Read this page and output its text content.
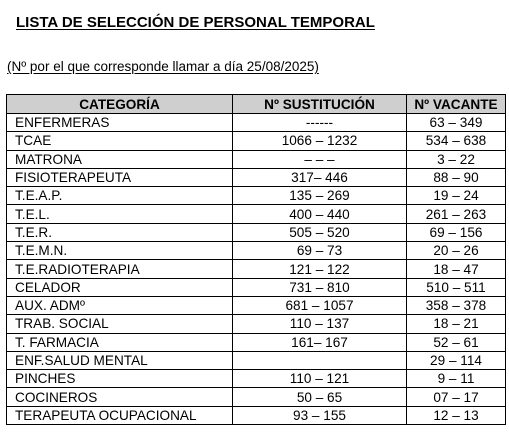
LISTA DE SELECCIÓN DE PERSONAL TEMPORAL

(Nº por el que corresponde llamar a día 25/08/2025)

CATEGORÍA	Nº SUSTITUCIÓN	Nº VACANTE
ENFERMERAS	------	63 – 349
TCAE	1066 – 1232	534 – 638
MATRONA	– – –	3 – 22
FISIOTERAPEUTA	317– 446	88 – 90
T.E.A.P.	135 – 269	19 – 24
T.E.L.	400 – 440	261 – 263
T.E.R.	505 – 520	69 – 156
T.E.M.N.	69 – 73	20 – 26
T.E.RADIOTERAPIA	121 – 122	18 – 47
CELADOR	731 – 810	510 – 511
AUX. ADMº	681 – 1057	358 – 378
TRAB. SOCIAL	110 – 137	18 – 21
T. FARMACIA	161– 167	52 – 61
ENF.SALUD MENTAL		29 – 114
PINCHES	110 – 121	9 – 11
COCINEROS	50 – 65	07 – 17
TERAPEUTA OCUPACIONAL	93 – 155	12 – 13
